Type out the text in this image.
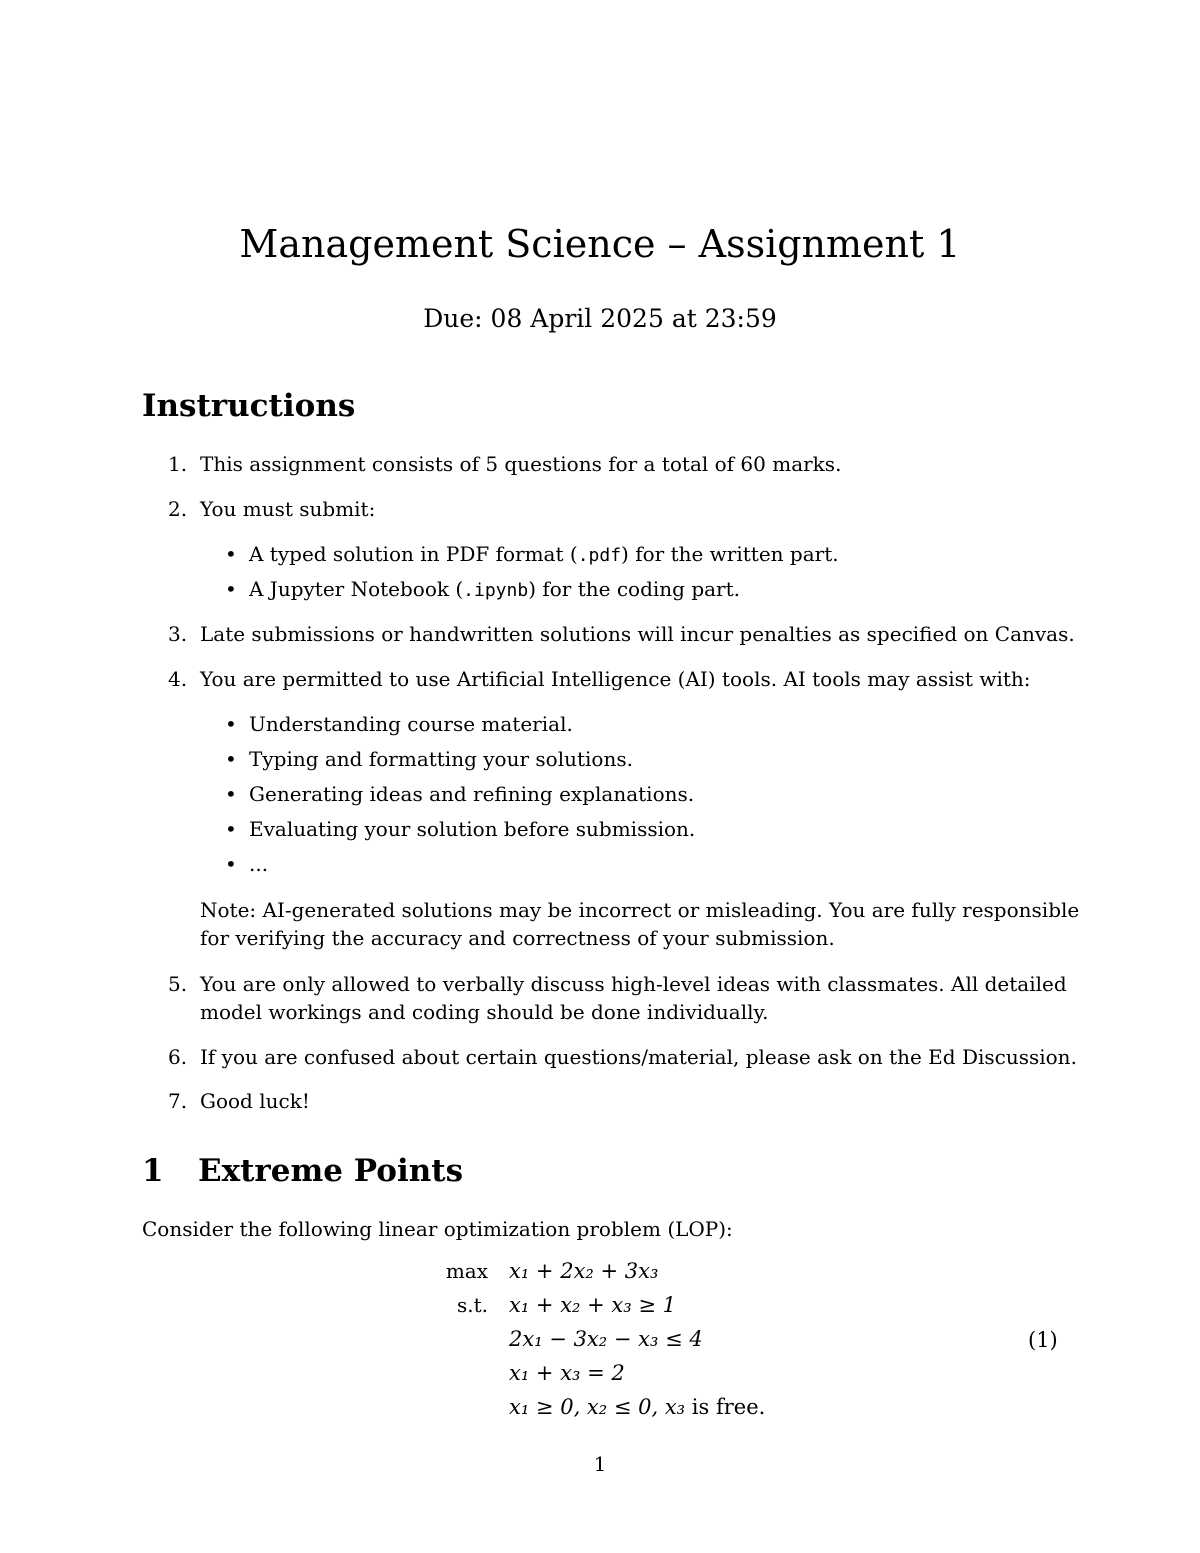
Management Science – Assignment 1
Due: 08 April 2025 at 23:59
Instructions
1. This assignment consists of 5 questions for a total of 60 marks.
2. You must submit:
• A typed solution in PDF format (.pdf) for the written part.
• A Jupyter Notebook (.ipynb) for the coding part.
3. Late submissions or handwritten solutions will incur penalties as specified on Canvas.
4. You are permitted to use Artificial Intelligence (AI) tools. AI tools may assist with:
• Understanding course material.
• Typing and formatting your solutions.
• Generating ideas and refining explanations.
• Evaluating your solution before submission.
• ...
Note: AI-generated solutions may be incorrect or misleading. You are fully responsible
for verifying the accuracy and correctness of your submission.
5. You are only allowed to verbally discuss high-level ideas with classmates. All detailed
model workings and coding should be done individually.
6. If you are confused about certain questions/material, please ask on the Ed Discussion.
7. Good luck!
1 Extreme Points
Consider the following linear optimization problem (LOP):
max x₁ + 2x₂ + 3x₃
s.t. x₁ + x₂ + x₃ ≥ 1
2x₁ − 3x₂ − x₃ ≤ 4
x₁ + x₃ = 2
x₁ ≥ 0, x₂ ≤ 0, x₃ is free.
(1)
1
